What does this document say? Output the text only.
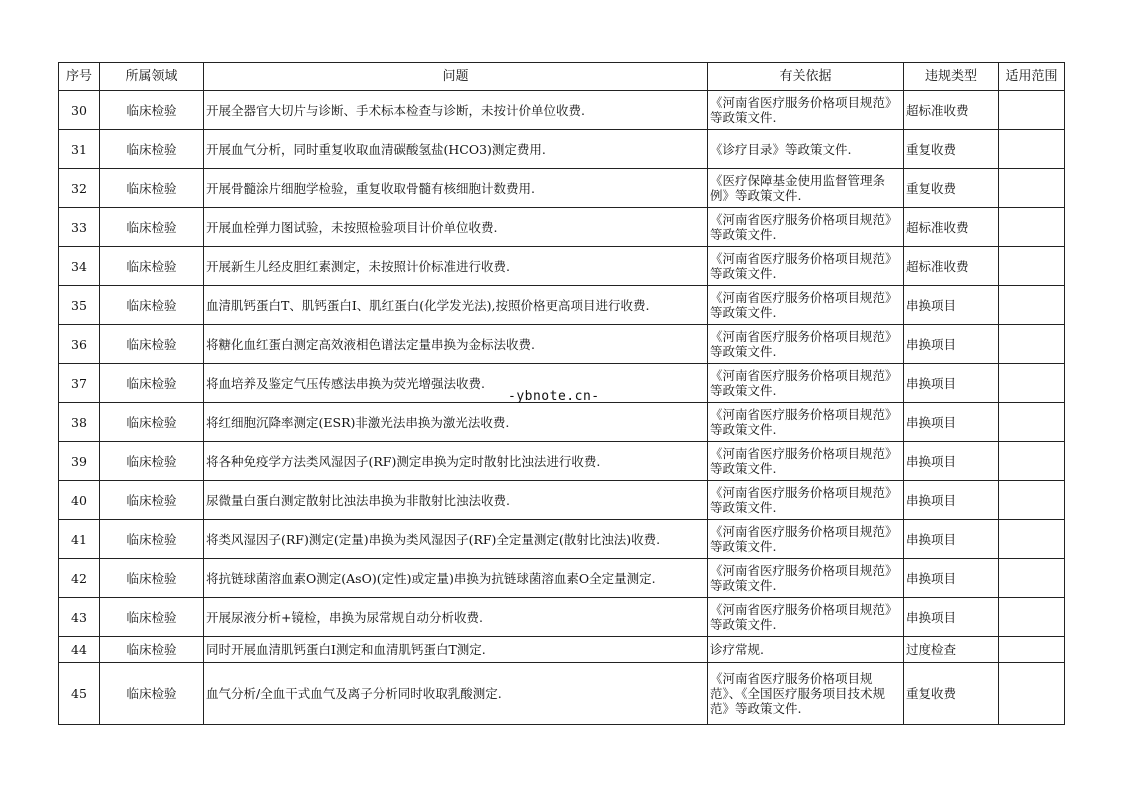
序号	所属领域	问题	有关依据	违规类型	适用范围
30	临床检验	开展全器官大切片与诊断、手术标本检查与诊断，未按计价单位收费.	《河南省医疗服务价格项目规范》等政策文件.	超标准收费	
31	临床检验	开展血气分析，同时重复收取血清碳酸氢盐(HCO3)测定费用.	《诊疗目录》等政策文件.	重复收费	
32	临床检验	开展骨髓涂片细胞学检验，重复收取骨髓有核细胞计数费用.	《医疗保障基金使用监督管理条例》等政策文件.	重复收费	
33	临床检验	开展血栓弹力图试验，未按照检验项目计价单位收费.	《河南省医疗服务价格项目规范》等政策文件.	超标准收费	
34	临床检验	开展新生儿经皮胆红素测定，未按照计价标准进行收费.	《河南省医疗服务价格项目规范》等政策文件.	超标准收费	
35	临床检验	血清肌钙蛋白T、肌钙蛋白I、肌红蛋白(化学发光法),按照价格更高项目进行收费.	《河南省医疗服务价格项目规范》等政策文件.	串换项目	
36	临床检验	将糖化血红蛋白测定高效液相色谱法定量串换为金标法收费.	《河南省医疗服务价格项目规范》等政策文件.	串换项目	
37	临床检验	将血培养及鉴定气压传感法串换为荧光增强法收费.	《河南省医疗服务价格项目规范》等政策文件.	串换项目	
38	临床检验	将红细胞沉降率测定(ESR)非激光法串换为激光法收费.	《河南省医疗服务价格项目规范》等政策文件.	串换项目	
39	临床检验	将各种免疫学方法类风湿因子(RF)测定串换为定时散射比浊法进行收费.	《河南省医疗服务价格项目规范》等政策文件.	串换项目	
40	临床检验	尿微量白蛋白测定散射比浊法串换为非散射比浊法收费.	《河南省医疗服务价格项目规范》等政策文件.	串换项目	
41	临床检验	将类风湿因子(RF)测定(定量)串换为类风湿因子(RF)全定量测定(散射比浊法)收费.	《河南省医疗服务价格项目规范》等政策文件.	串换项目	
42	临床检验	将抗链球菌溶血素O测定(AsO)(定性)或定量)串换为抗链球菌溶血素O全定量测定.	《河南省医疗服务价格项目规范》等政策文件.	串换项目	
43	临床检验	开展尿液分析+镜检，串换为尿常规自动分析收费.	《河南省医疗服务价格项目规范》等政策文件.	串换项目	
44	临床检验	同时开展血清肌钙蛋白I测定和血清肌钙蛋白T测定.	诊疗常规.	过度检查	
45	临床检验	血气分析/全血干式血气及离子分析同时收取乳酸测定.	《河南省医疗服务价格项目规范》、《全国医疗服务项目技术规范》等政策文件.	重复收费	
-ybnote.cn-
